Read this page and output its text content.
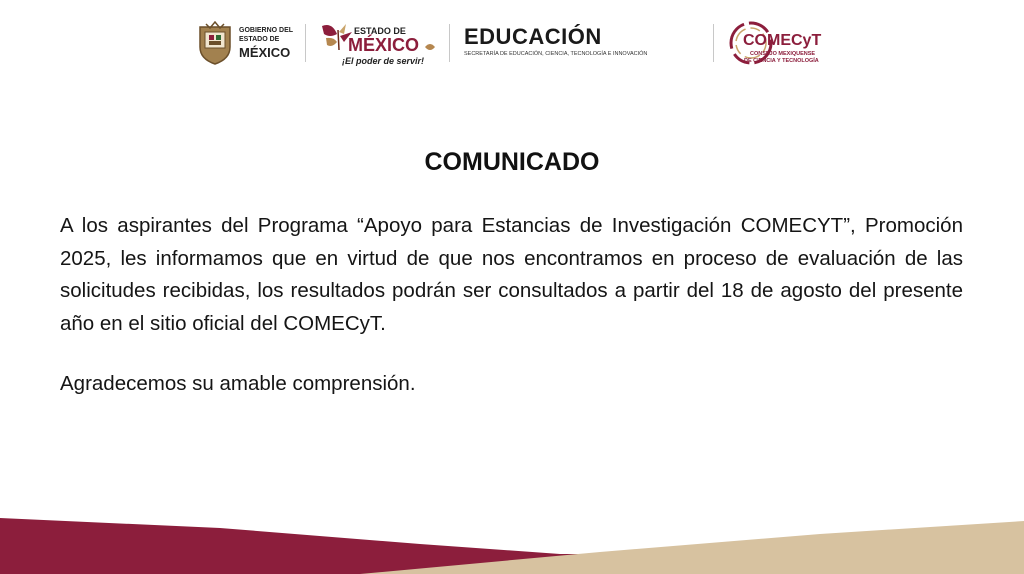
GOBIERNO DEL
ESTADO DE
MÉXICO
ESTADO DE
MÉXICO
¡El poder de servir!
EDUCACIÓN
SECRETARÍA DE EDUCACIÓN, CIENCIA, TECNOLOGÍA E INNOVACIÓN
COMECyT
CONSEJO MEXIQUENSE
DE CIENCIA Y TECNOLOGÍA
COMUNICADO
A los aspirantes del Programa “Apoyo para Estancias de Investigación COMECYT”, Promoción 2025, les informamos que en virtud de que nos encontramos en proceso de evaluación de las solicitudes recibidas, los resultados podrán ser consultados a partir del 18 de agosto del presente año en el sitio oficial del COMECyT.
Agradecemos su amable comprensión.
